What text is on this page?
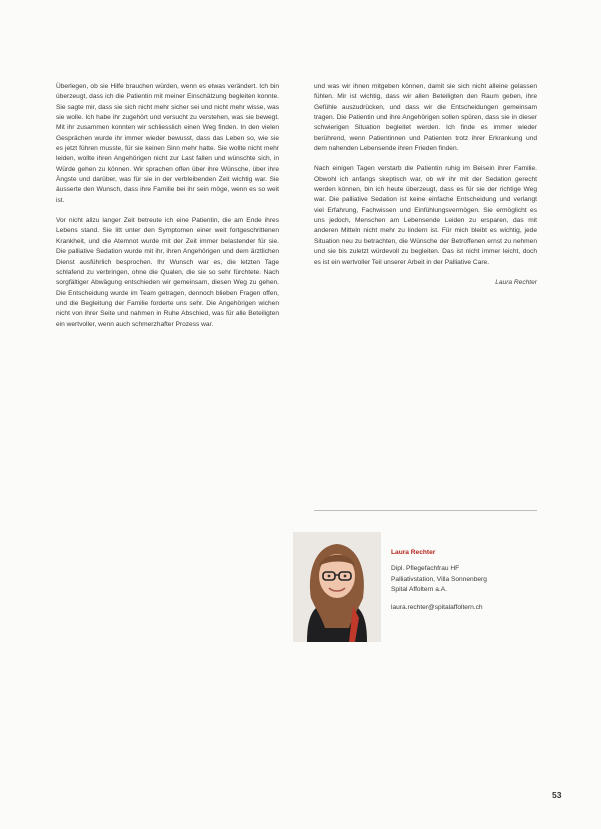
Überlegen, ob sie Hilfe brauchen würden, wenn es etwas verändert. Ich bin überzeugt, dass ich die Patientin mit meiner Einschätzung begleiten konnte. Sie sagte mir, dass sie sich nicht mehr sicher sei und nicht mehr wisse, was sie wolle. Ich habe ihr zugehört und versucht zu verstehen, was sie bewegt. Mit ihr zusammen konnten wir schliesslich einen Weg finden. In den vielen Gesprächen wurde ihr immer wieder bewusst, dass das Leben so, wie sie es jetzt führen musste, für sie keinen Sinn mehr hatte. Sie wollte nicht mehr leiden, wollte ihren Angehörigen nicht zur Last fallen und wünschte sich, in Würde gehen zu können. Wir sprachen offen über ihre Wünsche, über ihre Ängste und darüber, was für sie in der verbleibenden Zeit wichtig war. Sie äusserte den Wunsch, dass ihre Familie bei ihr sein möge, wenn es so weit ist.

Vor nicht allzu langer Zeit betreute ich eine Patientin, die am Ende ihres Lebens stand. Sie litt unter den Symptomen einer weit fortgeschrittenen Krankheit, und die Atemnot wurde mit der Zeit immer belastender für sie. Die palliative Sedation wurde mit ihr, ihren Angehörigen und dem ärztlichen Dienst ausführlich besprochen. Ihr Wunsch war es, die letzten Tage schlafend zu verbringen, ohne die Qualen, die sie so sehr fürchtete. Nach sorgfältiger Abwägung entschieden wir gemeinsam, diesen Weg zu gehen. Die Entscheidung wurde im Team getragen, dennoch blieben Fragen offen, und die Begleitung der Familie forderte uns sehr. Die Angehörigen wichen nicht von ihrer Seite und nahmen in Ruhe Abschied, was für alle Beteiligten ein wertvoller, wenn auch schmerzhafter Prozess war.

und was wir ihnen mitgeben können, damit sie sich nicht alleine gelassen fühlen. Mir ist wichtig, dass wir allen Beteiligten den Raum geben, ihre Gefühle auszudrücken, und dass wir die Entscheidungen gemeinsam tragen. Die Patientin und ihre Angehörigen sollen spüren, dass sie in dieser schwierigen Situation begleitet werden. Ich finde es immer wieder berührend, wenn Patientinnen und Patienten trotz ihrer Erkrankung und dem nahenden Lebensende ihren Frieden finden.

Nach einigen Tagen verstarb die Patientin ruhig im Beisein ihrer Familie. Obwohl ich anfangs skeptisch war, ob wir ihr mit der Sedation gerecht werden können, bin ich heute überzeugt, dass es für sie der richtige Weg war. Die palliative Sedation ist keine einfache Entscheidung und verlangt viel Erfahrung, Fachwissen und Einfühlungsvermögen. Sie ermöglicht es uns jedoch, Menschen am Lebensende Leiden zu ersparen, das mit anderen Mitteln nicht mehr zu lindern ist. Für mich bleibt es wichtig, jede Situation neu zu betrachten, die Wünsche der Betroffenen ernst zu nehmen und sie bis zuletzt würdevoll zu begleiten. Das ist nicht immer leicht, doch es ist ein wertvoller Teil unserer Arbeit in der Palliative Care.

Laura Rechter
Laura Rechter

Dipl. Pflegefachfrau HF

Palliativstation, Villa Sonnenberg

Spital Affoltern a.A.

laura.rechter@spitalaffoltern.ch

53
